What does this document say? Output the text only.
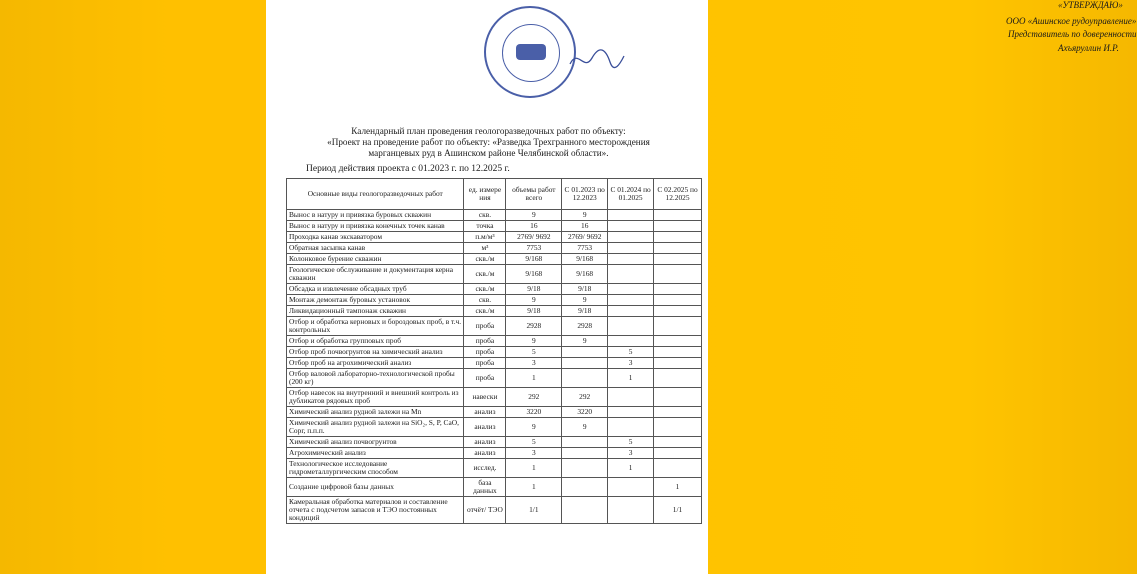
«УТВЕРЖДАЮ»
ООО «Ашинское рудоуправление»
Представитель по доверенности
Ахъяруллин И.Р.
Календарный план проведения геологоразведочных работ по объекту:
«Проект на проведение работ по объекту: «Разведка Трехгранного месторождения
марганцевых руд в Ашинском районе Челябинской области».
Период действия проекта с 01.2023 г. по 12.2025 г.
Основные виды геологоразведочных работ	ед. измере ния	объемы работ всего	С 01.2023 по 12.2023	С 01.2024 по 01.2025	С 02.2025 по 12.2025
Вынос в натуру и привязка буровых скважин	скв.	9	9		
Вынос в натуру и привязка конечных точек канав	точка	16	16		
Проходка канав экскаватором	п.м/м³	2769/ 9692	2769/ 9692		
Обратная засыпка канав	м³	7753	7753		
Колонковое бурение скважин	скв./м	9/168	9/168		
Геологическое обслуживание и документация керна скважин	скв./м	9/168	9/168		
Обсадка и извлечение обсадных труб	скв./м	9/18	9/18		
Монтаж демонтаж буровых установок	скв.	9	9		
Ликвидационный тампонаж скважин	скв./м	9/18	9/18		
Отбор и обработка керновых и бороздовых проб, в т.ч. контрольных	проба	2928	2928		
Отбор и обработка групповых проб	проба	9	9		
Отбор проб почвогрунтов на химический анализ	проба	5		5	
Отбор проб на агрохимический анализ	проба	3		3	
Отбор валовой лабораторно-технологической пробы (200 кг)	проба	1		1	
Отбор навесок на внутренний и внешний контроль из дубликатов рядовых проб	навески	292	292		
Химический анализ рудной залежи на Mn	анализ	3220	3220		
Химический анализ рудной залежи на SiO₂, S, P, CaO, Cорг, п.п.п.	анализ	9	9		
Химический анализ почвогрунтов	анализ	5		5	
Агрохимический анализ	анализ	3		3	
Технологическое исследование гидрометаллургическим способом	исслед.	1		1	
Создание цифровой базы данных	база данных	1			1
Камеральная обработка материалов и составление отчета с подсчетом запасов и ТЭО постоянных кондиций	отчёт/ ТЭО	1/1			1/1
